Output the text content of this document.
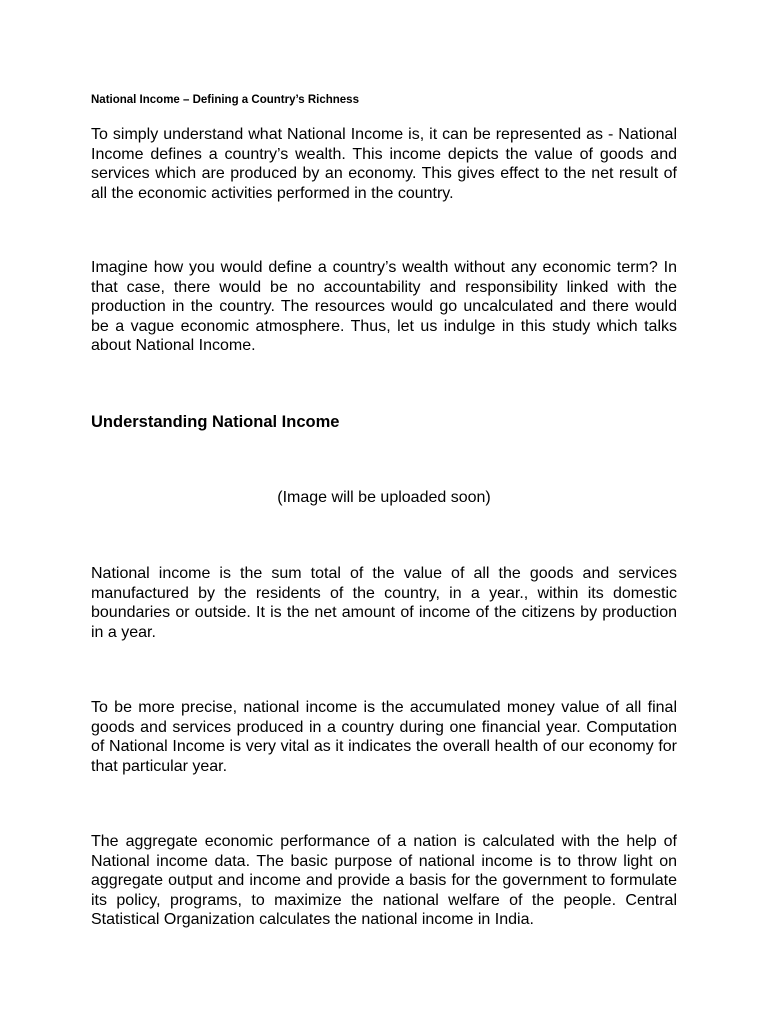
National Income – Defining a Country’s Richness

To simply understand what National Income is, it can be represented as - National Income defines a country’s wealth. This income depicts the value of goods and services which are produced by an economy. This gives effect to the net result of all the economic activities performed in the country.

Imagine how you would define a country’s wealth without any economic term? In that case, there would be no accountability and responsibility linked with the production in the country. The resources would go uncalculated and there would be a vague economic atmosphere. Thus, let us indulge in this study which talks about National Income.

Understanding National Income
(Image will be uploaded soon)

National income is the sum total of the value of all the goods and services manufactured by the residents of the country, in a year., within its domestic boundaries or outside. It is the net amount of income of the citizens by production in a year.

To be more precise, national income is the accumulated money value of all final goods and services produced in a country during one financial year. Computation of National Income is very vital as it indicates the overall health of our economy for that particular year.

The aggregate economic performance of a nation is calculated with the help of National income data. The basic purpose of national income is to throw light on aggregate output and income and provide a basis for the government to formulate its policy, programs, to maximize the national welfare of the people. Central Statistical Organization calculates the national income in India.
